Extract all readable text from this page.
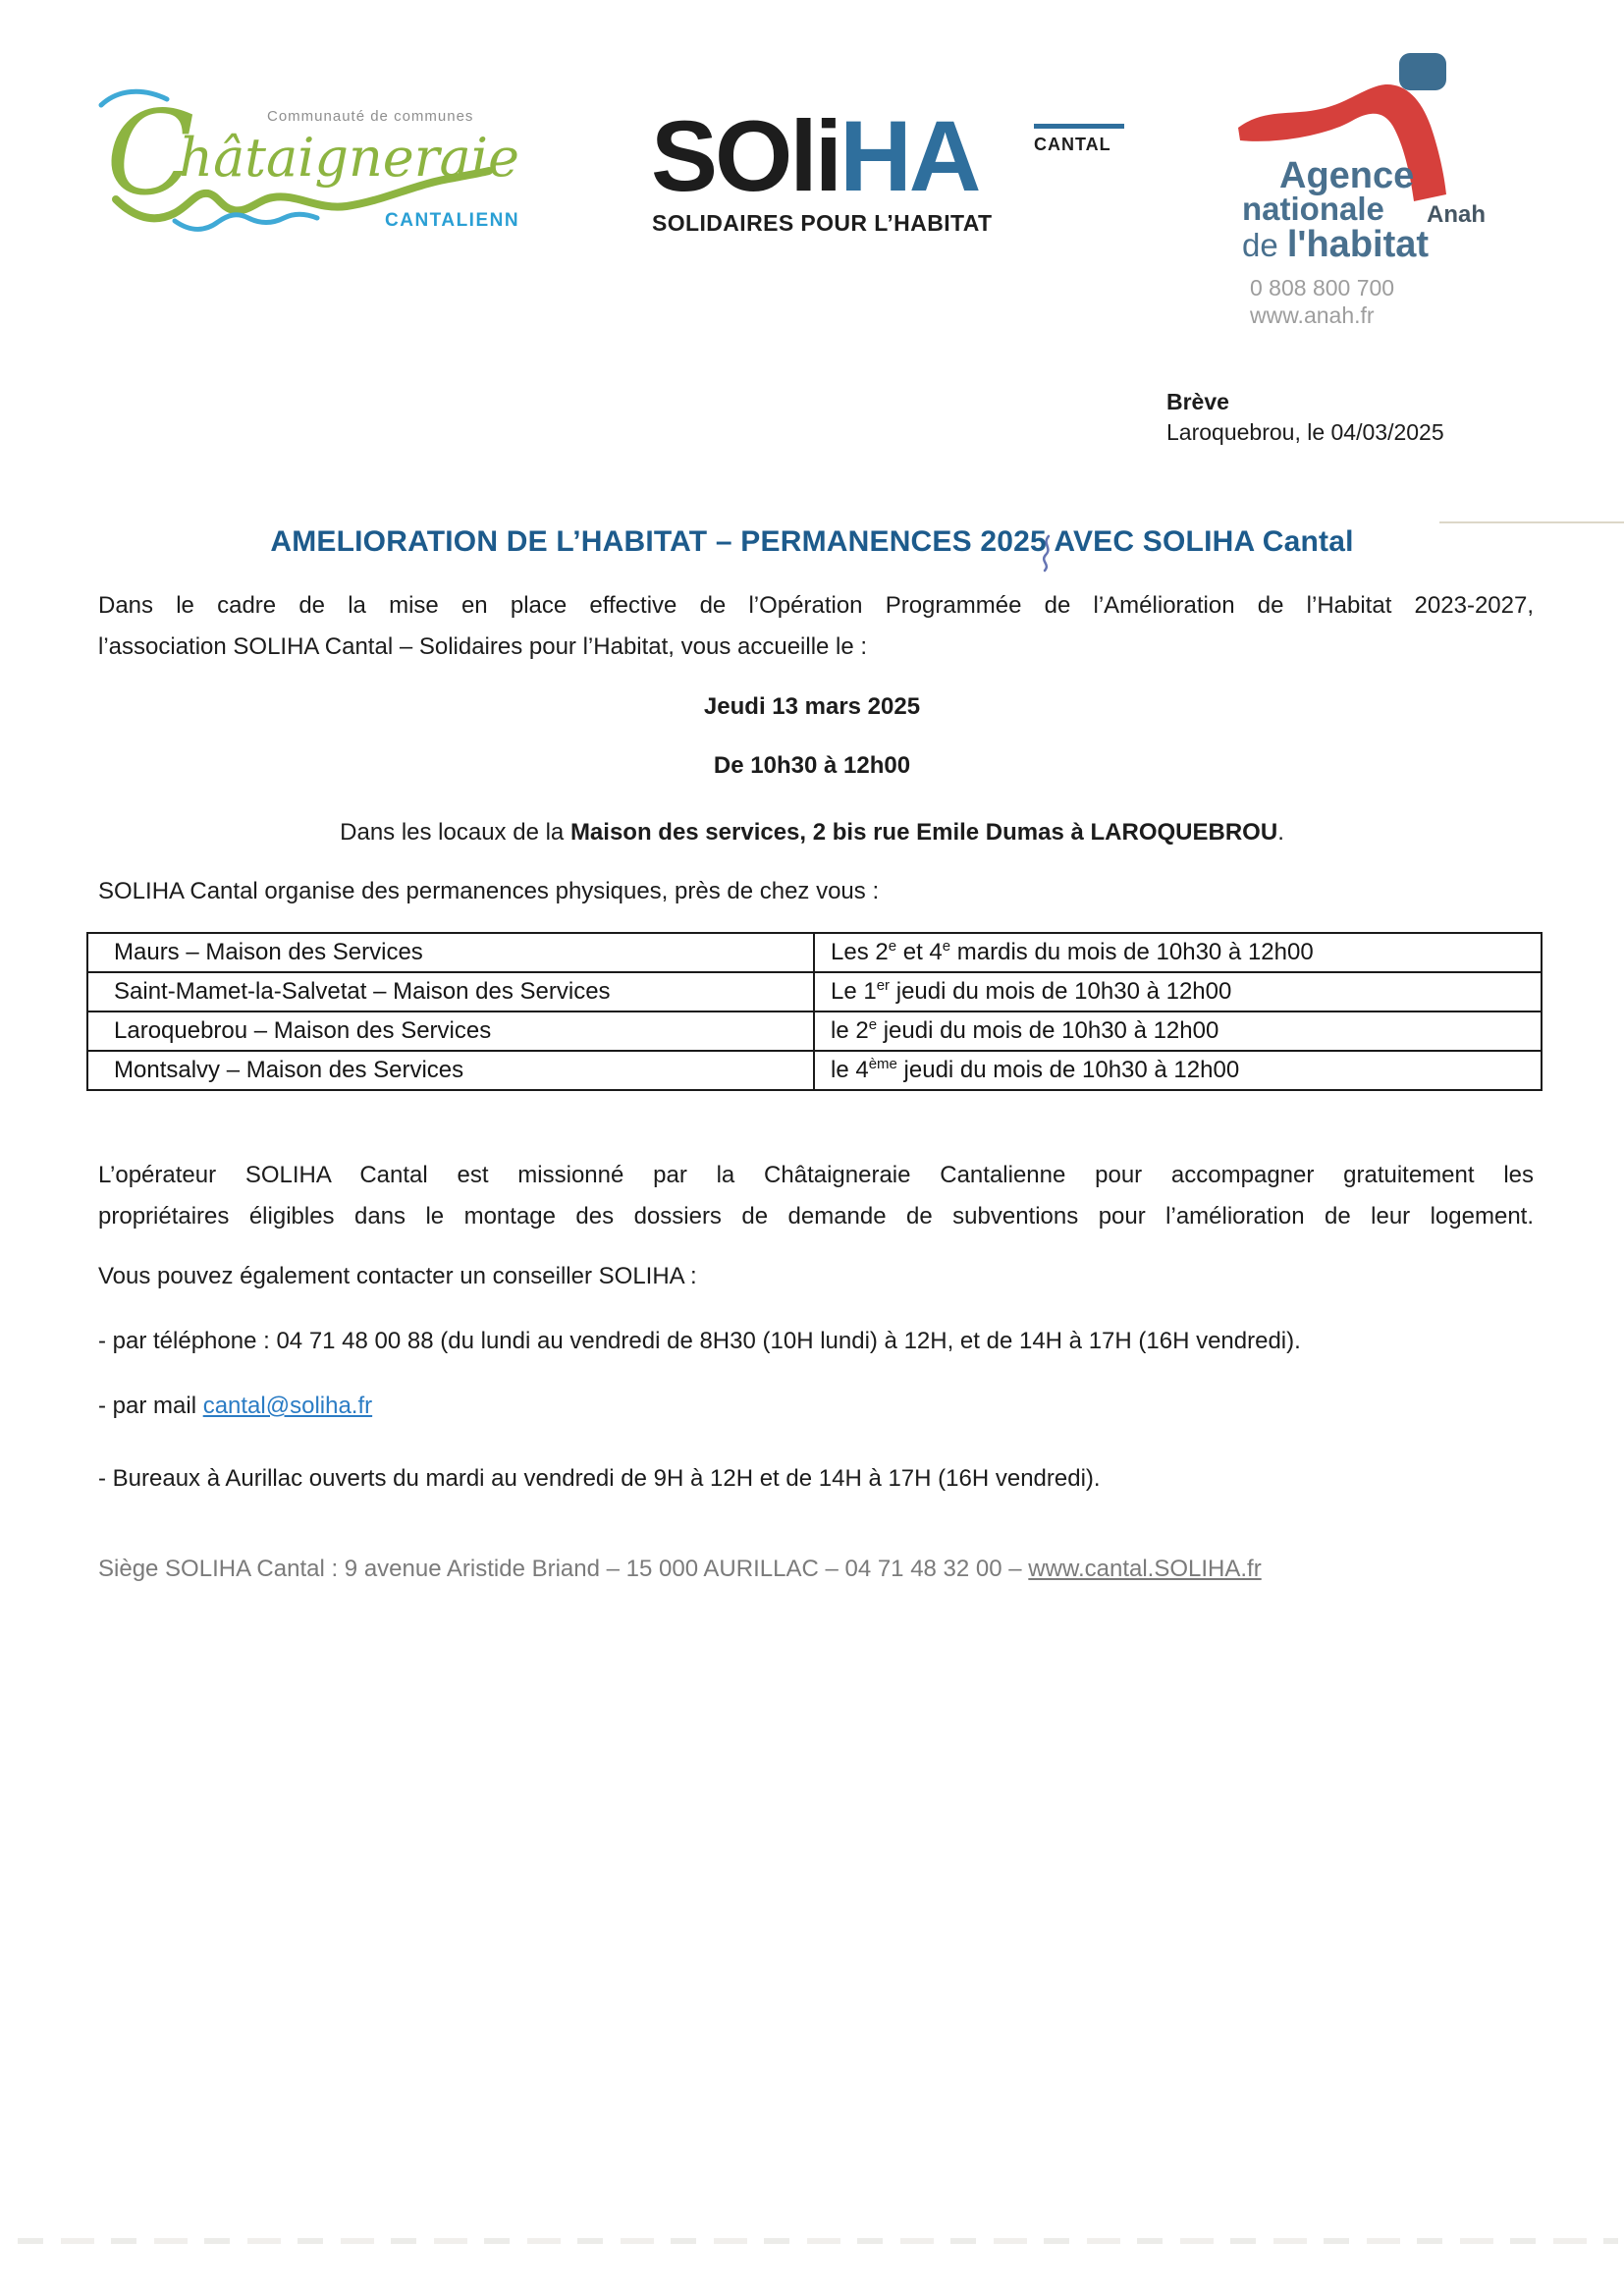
Communauté de communes
Châtaigneraie
CANTALIENNE
SOliHA	CANTAL
SOLIDAIRES POUR L’HABITAT
Agence
nationale Anah
de l'habitat
0 808 800 700
www.anah.fr
Brève
Laroquebrou, le 04/03/2025
AMELIORATION DE L’HABITAT – PERMANENCES 2025 AVEC SOLIHA Cantal
Dans le cadre de la mise en place effective de l’Opération Programmée de l’Amélioration de l’Habitat 2023-2027,
l’association SOLIHA Cantal – Solidaires pour l’Habitat, vous accueille le :
Jeudi 13 mars 2025
De 10h30 à 12h00
Dans les locaux de la Maison des services, 2 bis rue Emile Dumas à LAROQUEBROU.
SOLIHA Cantal organise des permanences physiques, près de chez vous :
Maurs – Maison des Services	Les 2e et 4e mardis du mois de 10h30 à 12h00
Saint-Mamet-la-Salvetat – Maison des Services	Le 1er jeudi du mois de 10h30 à 12h00
Laroquebrou – Maison des Services	le 2e jeudi du mois de 10h30 à 12h00
Montsalvy – Maison des Services	le 4ème jeudi du mois de 10h30 à 12h00
L’opérateur SOLIHA Cantal est missionné par la Châtaigneraie Cantalienne pour accompagner gratuitement les
propriétaires éligibles dans le montage des dossiers de demande de subventions pour l’amélioration de leur logement.
Vous pouvez également contacter un conseiller SOLIHA :
- par téléphone : 04 71 48 00 88 (du lundi au vendredi de 8H30 (10H lundi) à 12H, et de 14H à 17H (16H vendredi).
- par mail cantal@soliha.fr
- Bureaux à Aurillac ouverts du mardi au vendredi de 9H à 12H et de 14H à 17H (16H vendredi).
Siège SOLIHA Cantal : 9 avenue Aristide Briand – 15 000 AURILLAC – 04 71 48 32 00 – www.cantal.SOLIHA.fr
